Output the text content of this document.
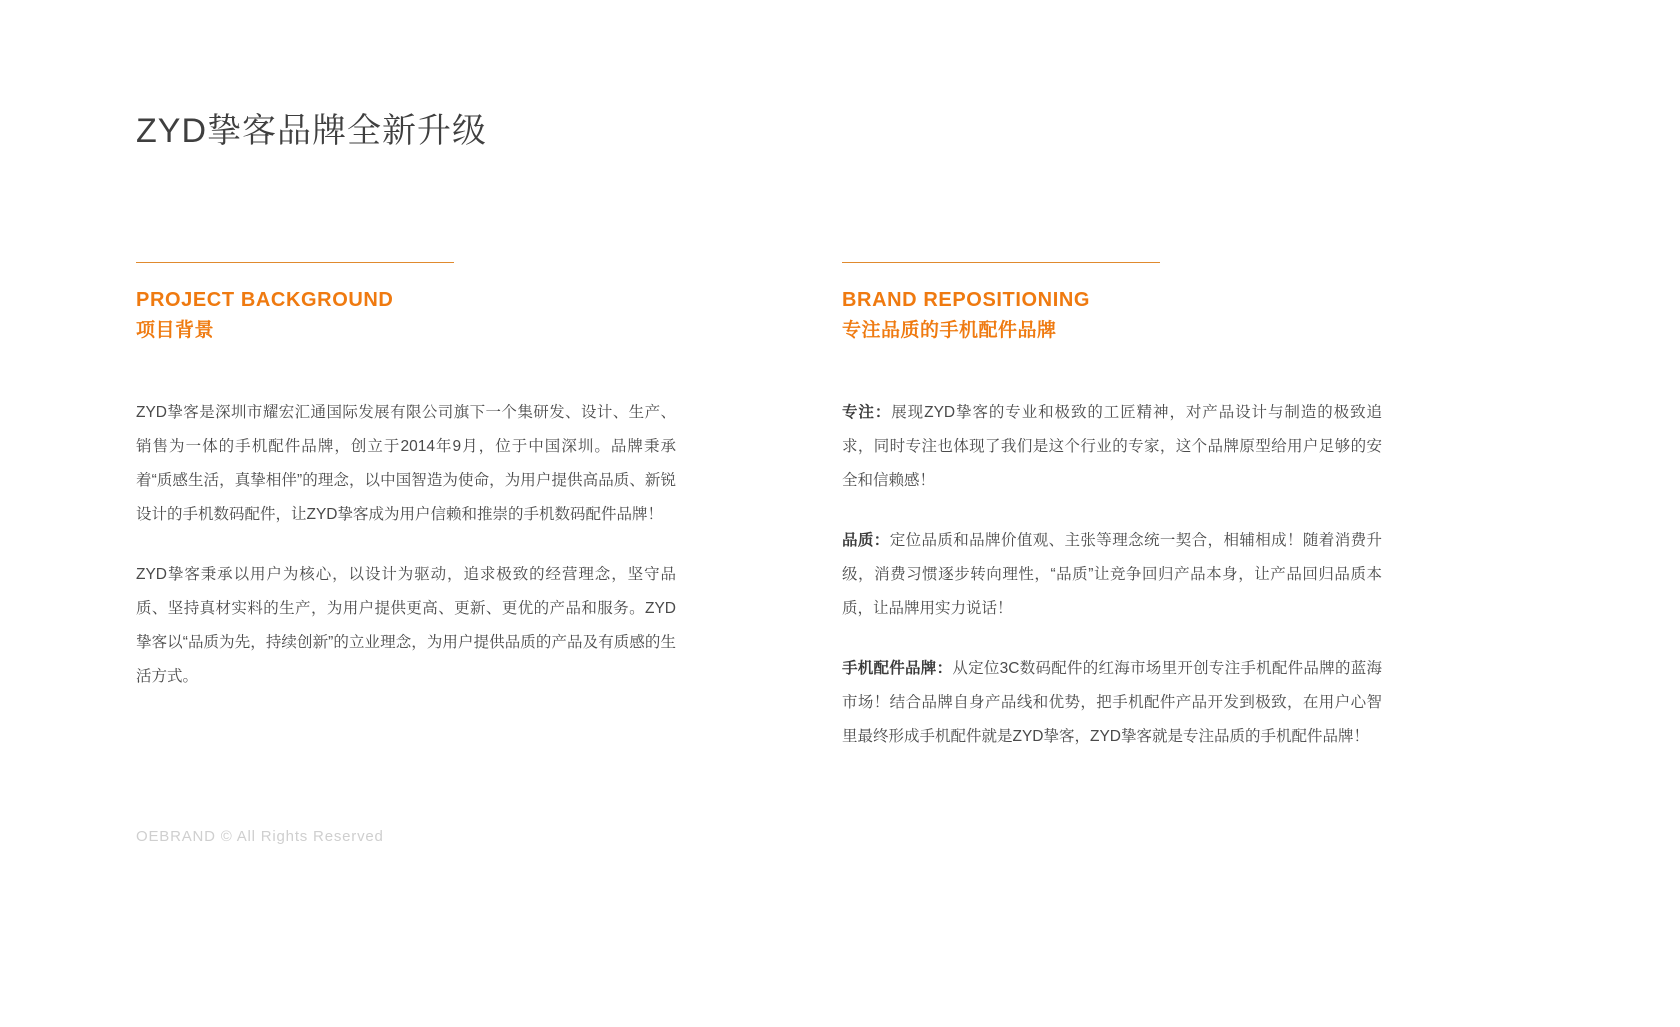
ZYD挚客品牌全新升级
PROJECT BACKGROUND
项目背景

ZYD挚客是深圳市耀宏汇通国际发展有限公司旗下一个集研发、设计、生产、销售为一体的手机配件品牌，创立于2014年9月，位于中国深圳。品牌秉承着“质感生活，真挚相伴”的理念，以中国智造为使命，为用户提供高品质、新锐设计的手机数码配件，让ZYD挚客成为用户信赖和推崇的手机数码配件品牌！

ZYD挚客秉承以用户为核心，以设计为驱动，追求极致的经营理念，坚守品质、坚持真材实料的生产，为用户提供更高、更新、更优的产品和服务。ZYD挚客以“品质为先，持续创新”的立业理念，为用户提供品质的产品及有质感的生活方式。

BRAND REPOSITIONING
专注品质的手机配件品牌

专注：展现ZYD挚客的专业和极致的工匠精神，对产品设计与制造的极致追求，同时专注也体现了我们是这个行业的专家，这个品牌原型给用户足够的安全和信赖感！

品质：定位品质和品牌价值观、主张等理念统一契合，相辅相成！随着消费升级，消费习惯逐步转向理性，“品质”让竞争回归产品本身，让产品回归品质本质，让品牌用实力说话！

手机配件品牌：从定位3C数码配件的红海市场里开创专注手机配件品牌的蓝海市场！结合品牌自身产品线和优势，把手机配件产品开发到极致，在用户心智里最终形成手机配件就是ZYD挚客，ZYD挚客就是专注品质的手机配件品牌！

OEBRAND © All Rights Reserved
